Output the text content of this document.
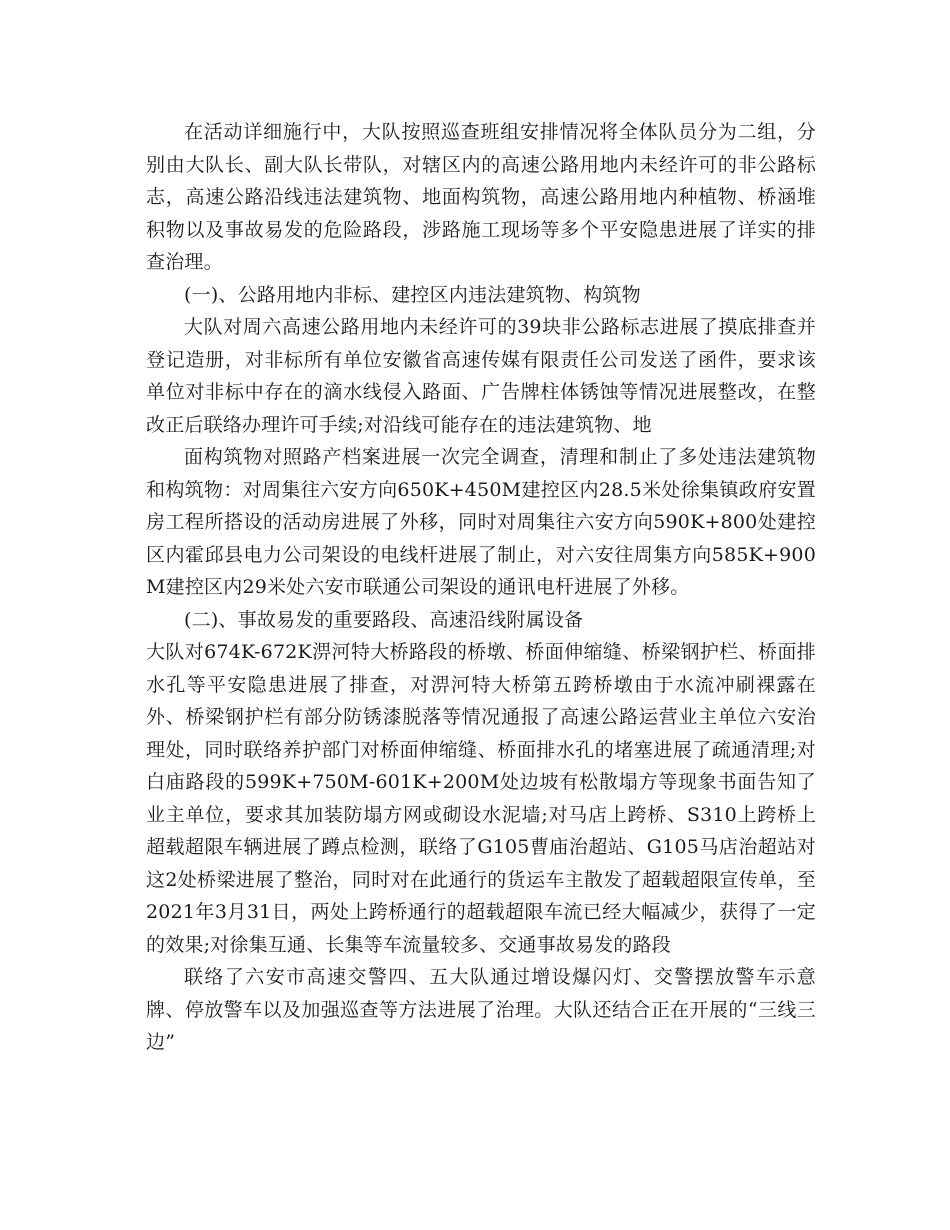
在活动详细施行中，大队按照巡查班组安排情况将全体队员分为二组，分别由大队长、副大队长带队，对辖区内的高速公路用地内未经许可的非公路标志，高速公路沿线违法建筑物、地面构筑物，高速公路用地内种植物、桥涵堆积物以及事故易发的危险路段，涉路施工现场等多个平安隐患进展了详实的排查治理。

(一)、公路用地内非标、建控区内违法建筑物、构筑物

大队对周六高速公路用地内未经许可的39块非公路标志进展了摸底排查并登记造册，对非标所有单位安徽省高速传媒有限责任公司发送了函件，要求该单位对非标中存在的滴水线侵入路面、广告牌柱体锈蚀等情况进展整改，在整改正后联络办理许可手续;对沿线可能存在的违法建筑物、地

面构筑物对照路产档案进展一次完全调查，清理和制止了多处违法建筑物和构筑物：对周集往六安方向650K+450M建控区内28.5米处徐集镇政府安置房工程所搭设的活动房进展了外移，同时对周集往六安方向590K+800处建控区内霍邱县电力公司架设的电线杆进展了制止，对六安往周集方向585K+900M建控区内29米处六安市联通公司架设的通讯电杆进展了外移。

(二)、事故易发的重要路段、高速沿线附属设备

大队对674K-672K淠河特大桥路段的桥墩、桥面伸缩缝、桥梁钢护栏、桥面排水孔等平安隐患进展了排查，对淠河特大桥第五跨桥墩由于水流冲刷裸露在外、桥梁钢护栏有部分防锈漆脱落等情况通报了高速公路运营业主单位六安治理处，同时联络养护部门对桥面伸缩缝、桥面排水孔的堵塞进展了疏通清理;对白庙路段的599K+750M-601K+200M处边坡有松散塌方等现象书面告知了业主单位，要求其加装防塌方网或砌设水泥墙;对马店上跨桥、S310上跨桥上超载超限车辆进展了蹲点检测，联络了G105曹庙治超站、G105马店治超站对这2处桥梁进展了整治，同时对在此通行的货运车主散发了超载超限宣传单，至2021年3月31日，两处上跨桥通行的超载超限车流已经大幅减少，获得了一定的效果;对徐集互通、长集等车流量较多、交通事故易发的路段

联络了六安市高速交警四、五大队通过增设爆闪灯、交警摆放警车示意牌、停放警车以及加强巡查等方法进展了治理。大队还结合正在开展的“三线三边”
